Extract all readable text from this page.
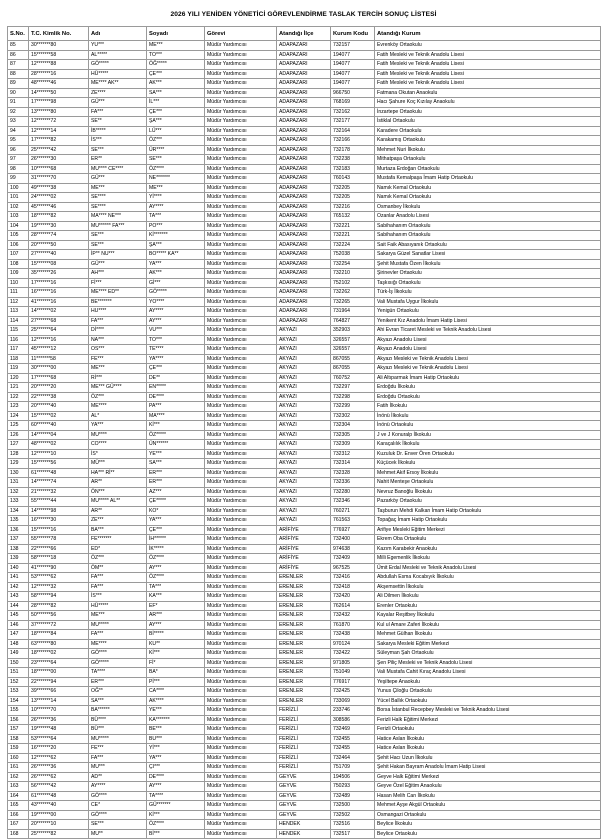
2026 YILI YENİDEN YÖNETİCİ GÖREVLENDİRME TASLAK TERCİH SONUÇ LİSTESİ
S.No.	T.C. Kimlik No.	Adı	Soyadı	Görevi	Atandığı İlçe	Kurum Kodu	Atandığı Kurum
85	30*******80	YU***	ME***	Müdür Yardımcısı	ADAPAZARI	732157	Evrenköy Ortaokulu
86	15*******58	AL*****	TO***	Müdür Yardımcısı	ADAPAZARI	194077	Fatih Mesleki ve Teknik Anadolu Lisesi
87	12*******88	GÖ*****	ÖĞ*****	Müdür Yardımcısı	ADAPAZARI	194077	Fatih Mesleki ve Teknik Anadolu Lisesi
88	28*******16	HÜ*****	ÇE***	Müdür Yardımcısı	ADAPAZARI	194077	Fatih Mesleki ve Teknik Anadolu Lisesi
89	48*******46	ME**** AK**	AK***	Müdür Yardımcısı	ADAPAZARI	194077	Fatih Mesleki ve Teknik Anadolu Lisesi
90	14*******50	ZE****	SA***	Müdür Yardımcısı	ADAPAZARI	966750	Fatmana Okutan Anaokulu
91	17*******98	GÜ***	İL***	Müdür Yardımcısı	ADAPAZARI	768169	Hacı Şahure Koç Kızılay Anaokulu
92	13*******80	FA***	ÇE***	Müdür Yardımcısı	ADAPAZARI	732162	İnzartepe Ortaokulu
93	12*******72	SE**	ŞA***	Müdür Yardımcısı	ADAPAZARI	732177	İstiklal Ortaokulu
94	12*******14	İB*****	LÜ***	Müdür Yardımcısı	ADAPAZARI	732164	Karadere Ortaokulu
95	17*******82	İS***	ÖZ***	Müdür Yardımcısı	ADAPAZARI	732166	Karakamış Ortaokulu
96	25*******42	SE***	ÜR****	Müdür Yardımcısı	ADAPAZARI	732178	Mehmet Nuri İlkokulu
97	26*******30	ER**	SE***	Müdür Yardımcısı	ADAPAZARI	732238	Mithatpaşa Ortaokulu
98	10*******68	MU**** CE****	ÖZ****	Müdür Yardımcısı	ADAPAZARI	732183	Murtaza Erdoğan Ortaokulu
99	31*******70	GÜ***	NE*******	Müdür Yardımcısı	ADAPAZARI	760143	Mustafa Kemalpaşa İmam Hatip Ortaokulu
100	49*******38	ME***	ME***	Müdür Yardımcısı	ADAPAZARI	732205	Namık Kemal Ortaokulu
101	24*******02	SE****	Yİ****	Müdür Yardımcısı	ADAPAZARI	732205	Namık Kemal Ortaokulu
102	45*******46	SE****	AY****	Müdür Yardımcısı	ADAPAZARI	732216	Osmanbey İlkokulu
103	18*******82	MA**** NE***	TA***	Müdür Yardımcısı	ADAPAZARI	765132	Ozanlar Anadolu Lisesi
104	19*******30	MU****** FA***	PO***	Müdür Yardımcısı	ADAPAZARI	732221	Sabihahanım Ortaokulu
105	28*******74	SE***	Kİ*******	Müdür Yardımcısı	ADAPAZARI	732221	Sabihahanım Ortaokulu
106	20*******50	SE***	ŞA***	Müdür Yardımcısı	ADAPAZARI	732224	Sait Faik Abasıyanık Ortaokulu
107	27*******40	İP** NU***	BO***** KA**	Müdür Yardımcısı	ADAPAZARI	752038	Sakarya Güzel Sanatlar Lisesi
108	15*******08	GÜ***	YA***	Müdür Yardımcısı	ADAPAZARI	732254	Şehit Mustafa Özen İlkokulu
109	35*******26	AH***	AK***	Müdür Yardımcısı	ADAPAZARI	732210	Şirinevler Ortaokulu
110	17*******16	Fİ***	Gİ***	Müdür Yardımcısı	ADAPAZARI	752102	Taşkısığı Ortaokulu
111	16*******16	ME**** ED**	GÖ*****	Müdür Yardımcısı	ADAPAZARI	732262	Türk-İş İlkokulu
112	41*******16	BE*******	YO****	Müdür Yardımcısı	ADAPAZARI	732265	Vali Mustafa Uygur İlkokulu
113	14*******02	HU****	AY****	Müdür Yardımcısı	ADAPAZARI	731964	Yenigün Ortaokulu
114	27*******68	FA***	AY***	Müdür Yardımcısı	ADAPAZARI	764827	Yenikent Kız Anadolu İmam Hatip Lisesi
115	25*******64	Dİ****	VU***	Müdür Yardımcısı	AKYAZI	352903	Ahi Evran Ticaret Mesleki ve Teknik Anadolu Lisesi
116	12*******16	NA***	TO***	Müdür Yardımcısı	AKYAZI	326557	Akyazı Anadolu Lisesi
117	45*******12	OS***	TE****	Müdür Yardımcısı	AKYAZI	326557	Akyazı Anadolu Lisesi
118	11*******58	FE***	YA****	Müdür Yardımcısı	AKYAZI	867055	Akyazı Mesleki ve Teknik Anadolu Lisesi
119	30*******00	ME***	ÇE***	Müdür Yardımcısı	AKYAZI	867055	Akyazı Mesleki ve Teknik Anadolu Lisesi
120	17*******68	Rİ***	DE**	Müdür Yardımcısı	AKYAZI	760752	Ali Altıparmak İmam Hatip Ortaokulu
121	20*******20	ME*** GÜ****	EN*****	Müdür Yardımcısı	AKYAZI	732297	Erdoğdu İlkokulu
122	22*******38	ÖZ***	DE****	Müdür Yardımcısı	AKYAZI	732298	Erdoğdu Ortaokulu
123	20*******40	ME****	PA***	Müdür Yardımcısı	AKYAZI	732299	Fatih İlkokulu
124	15*******02	AL*	MA****	Müdür Yardımcısı	AKYAZI	732302	İnönü İlkokulu
125	60*******40	YA***	Kİ***	Müdür Yardımcısı	AKYAZI	732304	İnönü Ortaokulu
126	14*******04	MU****	ÖZ*****	Müdür Yardımcısı	AKYAZI	732305	J ve J Konuralp İlkokulu
127	48*******02	CO****	ÜN******	Müdür Yardımcısı	AKYAZI	732309	Karaçalılık İlkokulu
128	12*******10	İS*	YE***	Müdür Yardımcısı	AKYAZI	732312	Kuzuluk Dr. Enver Ören Ortaokulu
129	15*******56	MÜ***	SA***	Müdür Yardımcısı	AKYAZI	732314	Küçücek İlkokulu
130	61*******48	HA*** Rİ**	ER***	Müdür Yardımcısı	AKYAZI	732328	Mehmet Akif Ersoy İlkokulu
131	14*******74	AR**	ER***	Müdür Yardımcısı	AKYAZI	732336	Nahit Menteşe Ortaokulu
132	21*******32	ÖN***	AZ***	Müdür Yardımcısı	AKYAZI	732280	Nevruz Banoğlu İlkokulu
133	55*******44	MU***** AL**	ÇE*****	Müdür Yardımcısı	AKYAZI	732346	Pazarköy Ortaokulu
134	14*******98	AR**	KO*	Müdür Yardımcısı	AKYAZI	760271	Taşburun Mehdi Kalkan İmam Hatip Ortaokulu
135	16*******30	ZE***	YA***	Müdür Yardımcısı	AKYAZI	761563	Topağaç İmam Hatip Ortaokulu
136	15*******16	BA***	ÇE***	Müdür Yardımcısı	ARİFİYE	776927	Arifiye Mesleki Eğitim Merkezi
137	55*******78	FE*******	İH******	Müdür Yardımcısı	ARİFİYE	732400	Ekrem Oba Ortaokulu
138	22*******66	ED*	İK*****	Müdür Yardımcısı	ARİFİYE	974638	Kazım Karabekir Anaokulu
139	58*******18	ÖZ***	ÖZ****	Müdür Yardımcısı	ARİFİYE	732409	Milli Egemenlik İlkokulu
140	41*******90	ÖM**	AY***	Müdür Yardımcısı	ARİFİYE	967525	Ümit Erdal Mesleki ve Teknik Anadolu Lisesi
141	53*******62	FA***	ÖZ****	Müdür Yardımcısı	ERENLER	732416	Abdullah Esma Kocabıyık İlkokulu
142	12*******32	FA***	TA***	Müdür Yardımcısı	ERENLER	732418	Akşemsettin İlkokulu
143	58*******94	İS***	KA***	Müdür Yardımcısı	ERENLER	732420	Ali Dilmen İlkokulu
144	28*******82	HÜ*****	EF*	Müdür Yardımcısı	ERENLER	762614	Erenler Ortaokulu
145	50*******56	ME***	AR***	Müdür Yardımcısı	ERENLER	732432	Kayalar Reşitbey İlkokulu
146	37*******72	MU*****	AY***	Müdür Yardımcısı	ERENLER	761870	Kul ul Amare Zaferi İlkokulu
147	18*******84	FA***	Bİ*****	Müdür Yardımcısı	ERENLER	732438	Mehmet Gülhan İlkokulu
148	63*******80	ME****	KU**	Müdür Yardımcısı	ERENLER	970124	Sakarya Mesleki Eğitim Merkezi
149	18*******02	GÖ****	Kİ***	Müdür Yardımcısı	ERENLER	732422	Süleyman Şah Ortaokulu
150	23*******64	GÖ*****	Fİ*	Müdür Yardımcısı	ERENLER	971805	Şen Piliç Mesleki ve Teknik Anadolu Lisesi
151	18*******00	TA****	BA*	Müdür Yardımcısı	ERENLER	751049	Vali Mustafa Cahit Kıraç Anadolu Lisesi
152	22*******94	ER***	Pİ***	Müdür Yardımcısı	ERENLER	776917	Yeşiltepe Anaokulu
153	39*******66	OĞ**	CA****	Müdür Yardımcısı	ERENLER	732425	Yunus Çiloğlu Ortaokulu
154	13*******14	SA***	AK****	Müdür Yardımcısı	ERENLER	733069	Yücel Ballık Ortaokulu
155	10*******70	BA******	YE***	Müdür Yardımcısı	FERİZLİ	233746	Borsa İstanbul Recepbey Mesleki ve Teknik Anadolu Lisesi
156	26*******36	BÜ****	KA*******	Müdür Yardımcısı	FERİZLİ	308586	Ferizli Halk Eğitimi Merkezi
157	19*******48	BÜ***	BE***	Müdür Yardımcısı	FERİZLİ	732469	Ferizli Ortaokulu
158	53*******64	MU*****	BU***	Müdür Yardımcısı	FERİZLİ	732455	Hatice Aslan İlkokulu
159	16*******20	FE***	Yİ***	Müdür Yardımcısı	FERİZLİ	732455	Hatice Aslan İlkokulu
160	12*******62	FA***	YA***	Müdür Yardımcısı	FERİZLİ	732464	Şehit Hacı Uzun İlkokulu
161	26*******36	MU***	ÇI***	Müdür Yardımcısı	FERİZLİ	751709	Şehit Hakan Bayram Anadolu İmam Hatip Lisesi
162	26*******62	AD**	DE****	Müdür Yardımcısı	GEYVE	194506	Geyve Halk Eğitimi Merkezi
163	56*******42	AY****	AY***	Müdür Yardımcısı	GEYVE	750293	Geyve Özel Eğitim Anaokulu
164	61*******48	GÖ****	TA****	Müdür Yardımcısı	GEYVE	732489	Hasan Melih Can İlkokulu
165	43*******40	CE*	GÜ*******	Müdür Yardımcısı	GEYVE	732500	Mehmet Ayşe Akgül Ortaokulu
166	19*******00	GÖ****	Kİ***	Müdür Yardımcısı	GEYVE	732502	Osmangazi Ortaokulu
167	20*******10	SE***	ÖZ****	Müdür Yardımcısı	HENDEK	732516	Beylice İlkokulu
168	25*******82	MU**	Bİ***	Müdür Yardımcısı	HENDEK	732517	Beylice Ortaokulu
